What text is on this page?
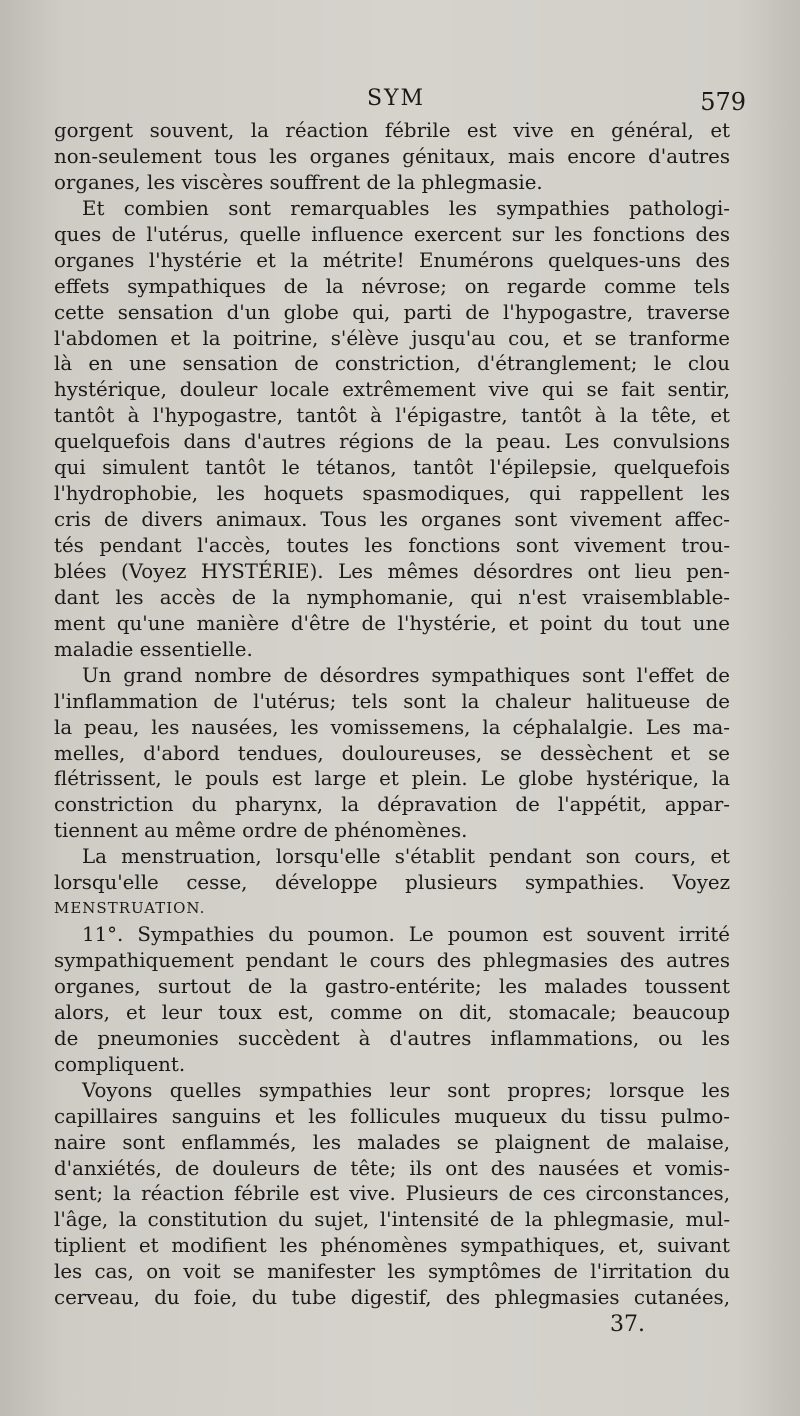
SYM	579
gorgent souvent, la réaction fébrile est vive en général, et
non-seulement tous les organes génitaux, mais encore d'autres
organes, les viscères souffrent de la phlegmasie.
Et combien sont remarquables les sympathies pathologi-
ques de l'utérus, quelle influence exercent sur les fonctions des
organes l'hystérie et la métrite! Enumérons quelques-uns des
effets sympathiques de la névrose; on regarde comme tels
cette sensation d'un globe qui, parti de l'hypogastre, traverse
l'abdomen et la poitrine, s'élève jusqu'au cou, et se tranforme
là en une sensation de constriction, d'étranglement; le clou
hystérique, douleur locale extrêmement vive qui se fait sentir,
tantôt à l'hypogastre, tantôt à l'épigastre, tantôt à la tête, et
quelquefois dans d'autres régions de la peau. Les convulsions
qui simulent tantôt le tétanos, tantôt l'épilepsie, quelquefois
l'hydrophobie, les hoquets spasmodiques, qui rappellent les
cris de divers animaux. Tous les organes sont vivement affec-
tés pendant l'accès, toutes les fonctions sont vivement trou-
blées (Voyez HYSTÉRIE). Les mêmes désordres ont lieu pen-
dant les accès de la nymphomanie, qui n'est vraisemblable-
ment qu'une manière d'être de l'hystérie, et point du tout une
maladie essentielle.
Un grand nombre de désordres sympathiques sont l'effet de
l'inflammation de l'utérus; tels sont la chaleur halitueuse de
la peau, les nausées, les vomissemens, la céphalalgie. Les ma-
melles, d'abord tendues, douloureuses, se dessèchent et se
flétrissent, le pouls est large et plein. Le globe hystérique, la
constriction du pharynx, la dépravation de l'appétit, appar-
tiennent au même ordre de phénomènes.
La menstruation, lorsqu'elle s'établit pendant son cours, et
lorsqu'elle cesse, développe plusieurs sympathies. Voyez
MENSTRUATION.
11°. Sympathies du poumon. Le poumon est souvent irrité
sympathiquement pendant le cours des phlegmasies des autres
organes, surtout de la gastro-entérite; les malades toussent
alors, et leur toux est, comme on dit, stomacale; beaucoup
de pneumonies succèdent à d'autres inflammations, ou les
compliquent.
Voyons quelles sympathies leur sont propres; lorsque les
capillaires sanguins et les follicules muqueux du tissu pulmo-
naire sont enflammés, les malades se plaignent de malaise,
d'anxiétés, de douleurs de tête; ils ont des nausées et vomis-
sent; la réaction fébrile est vive. Plusieurs de ces circonstances,
l'âge, la constitution du sujet, l'intensité de la phlegmasie, mul-
tiplient et modifient les phénomènes sympathiques, et, suivant
les cas, on voit se manifester les symptômes de l'irritation du
cerveau, du foie, du tube digestif, des phlegmasies cutanées,
37.
